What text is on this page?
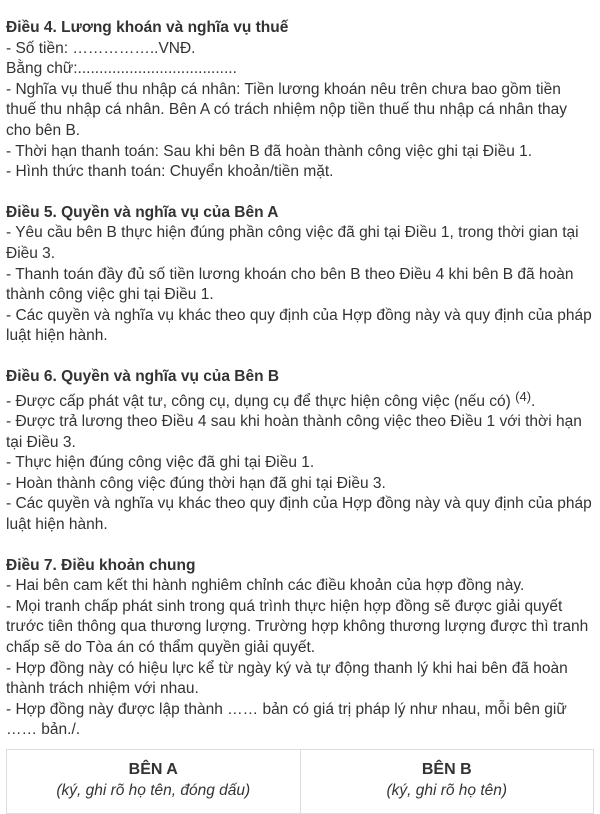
Điều 4. Lương khoán và nghĩa vụ thuế

- Số tiền: ……………..VNĐ.

Bằng chữ:.....................................

- Nghĩa vụ thuế thu nhập cá nhân: Tiền lương khoán nêu trên chưa bao gồm tiền thuế thu nhập cá nhân. Bên A có trách nhiệm nộp tiền thuế thu nhập cá nhân thay cho bên B.

- Thời hạn thanh toán: Sau khi bên B đã hoàn thành công việc ghi tại Điều 1.

- Hình thức thanh toán: Chuyển khoản/tiền mặt.

Điều 5. Quyền và nghĩa vụ của Bên A

- Yêu cầu bên B thực hiện đúng phần công việc đã ghi tại Điều 1, trong thời gian tại Điều 3.

- Thanh toán đầy đủ số tiền lương khoán cho bên B theo Điều 4 khi bên B đã hoàn thành công việc ghi tại Điều 1.

- Các quyền và nghĩa vụ khác theo quy định của Hợp đồng này và quy định của pháp luật hiện hành.

Điều 6. Quyền và nghĩa vụ của Bên B

- Được cấp phát vật tư, công cụ, dụng cụ để thực hiện công việc (nếu có) $^{(4)}$.

- Được trả lương theo Điều 4 sau khi hoàn thành công việc theo Điều 1 với thời hạn tại Điều 3.

- Thực hiện đúng công việc đã ghi tại Điều 1.

- Hoàn thành công việc đúng thời hạn đã ghi tại Điều 3.

- Các quyền và nghĩa vụ khác theo quy định của Hợp đồng này và quy định của pháp luật hiện hành.

Điều 7. Điều khoản chung

- Hai bên cam kết thi hành nghiêm chỉnh các điều khoản của hợp đồng này.

- Mọi tranh chấp phát sinh trong quá trình thực hiện hợp đồng sẽ được giải quyết trước tiên thông qua thương lượng. Trường hợp không thương lượng được thì tranh chấp sẽ do Tòa án có thẩm quyền giải quyết.

- Hợp đồng này có hiệu lực kể từ ngày ký và tự động thanh lý khi hai bên đã hoàn thành trách nhiệm với nhau.

- Hợp đồng này được lập thành …… bản có giá trị pháp lý như nhau, mỗi bên giữ …… bản./.

BÊN A
(ký, ghi rõ họ tên, đóng dấu)

BÊN B
(ký, ghi rõ họ tên)
